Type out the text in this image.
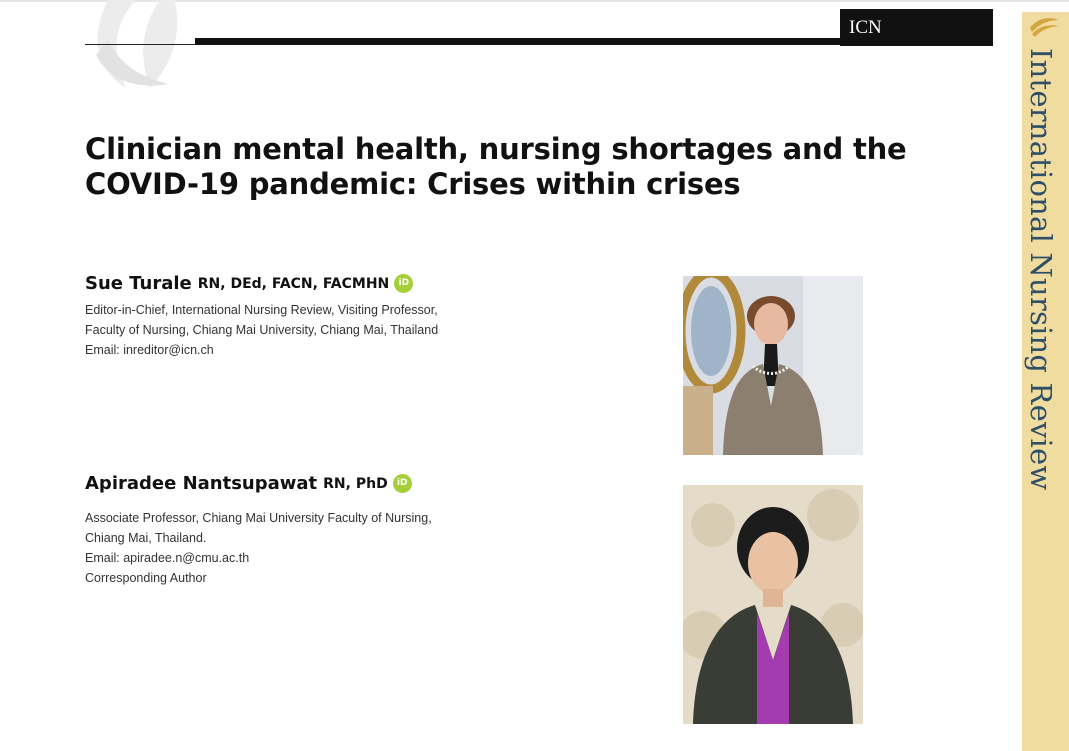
ICN
Clinician mental health, nursing shortages and the
COVID-19 pandemic: Crises within crises
Sue Turale RN, DEd, FACN, FACMHN	iD
Editor-in-Chief, International Nursing Review, Visiting Professor,
Faculty of Nursing, Chiang Mai University, Chiang Mai, Thailand
Email: inreditor@icn.ch
Apiradee Nantsupawat RN, PhD	iD
Associate Professor, Chiang Mai University Faculty of Nursing,
Chiang Mai, Thailand.
Email: apiradee.n@cmu.ac.th
Corresponding Author
International Nursing Review
